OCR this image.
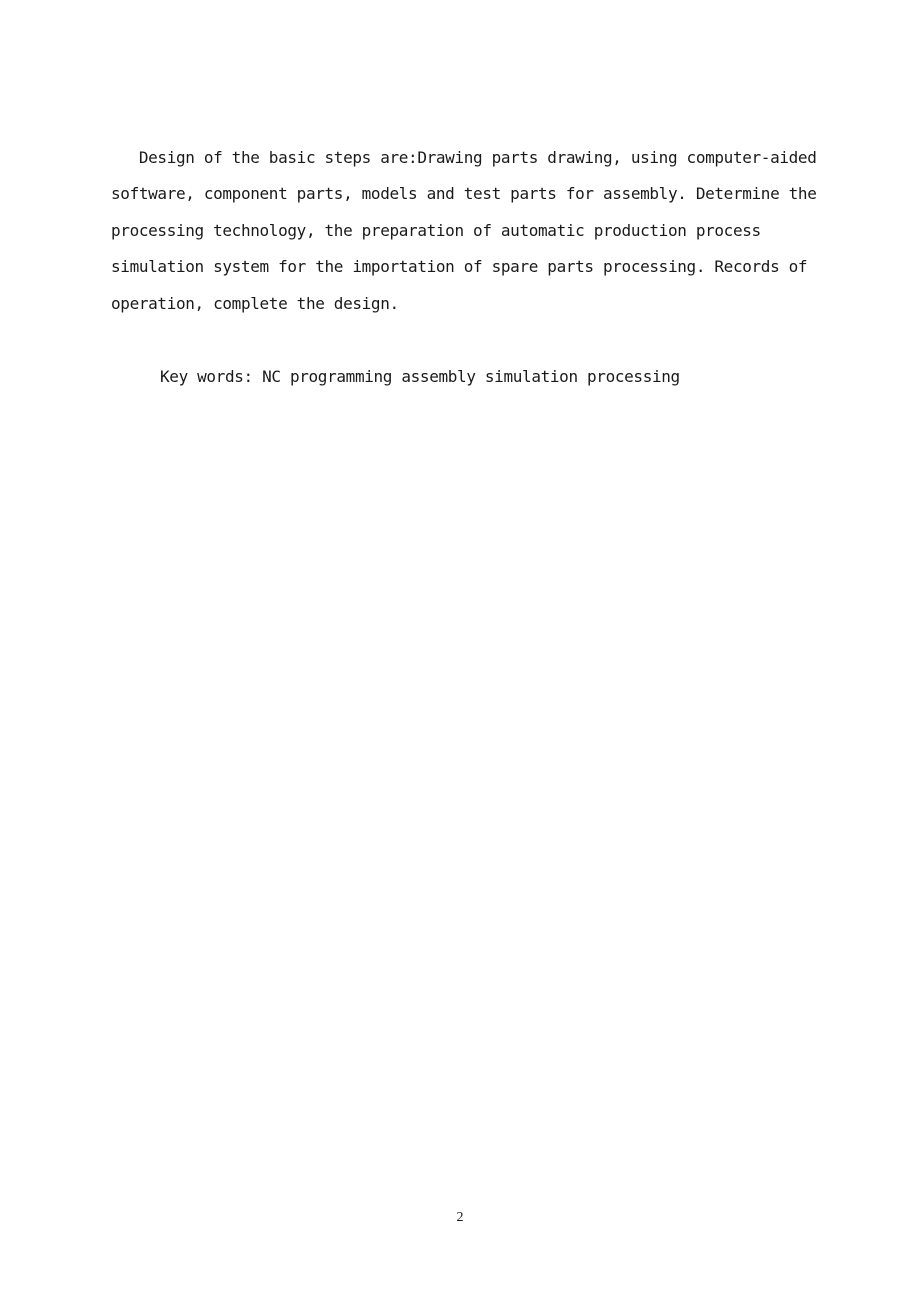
Design of the basic steps are:Drawing parts drawing, using computer-aided
software, component parts, models and test parts for assembly. Determine the
processing technology, the preparation of automatic production process
simulation system for the importation of spare parts processing. Records of
operation, complete the design.
Key words: NC programming assembly simulation processing
2
